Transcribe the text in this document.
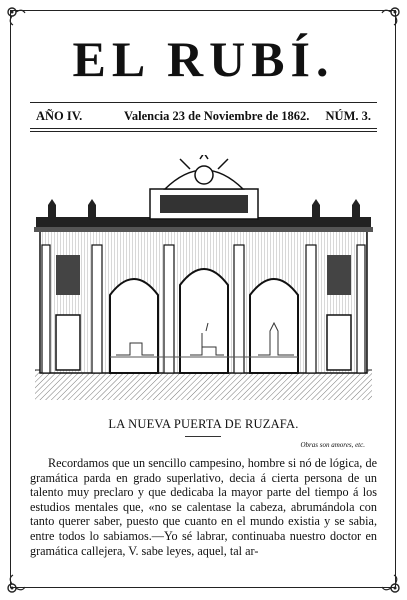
EL RUBÍ.
AÑO IV.	Valencia 23 de Noviembre de 1862. NÚM. 3.
LA NUEVA PUERTA DE RUZAFA.
Obras son amores, etc.

Recordamos que un sencillo campesino, hombre si nó de lógica, de gramática parda en grado superlativo, decia á cierta persona de un talento muy preclaro y que dedicaba la mayor parte del tiempo á los estudios mentales que, «no se calentase la cabeza, abrumándola con tanto querer saber, puesto que cuanto en el mundo existia y se sabia, entre todos lo sabiamos.—Yo sé labrar, continuaba nuestro doctor en gramática callejera, V. sabe leyes, aquel, tal ar-
